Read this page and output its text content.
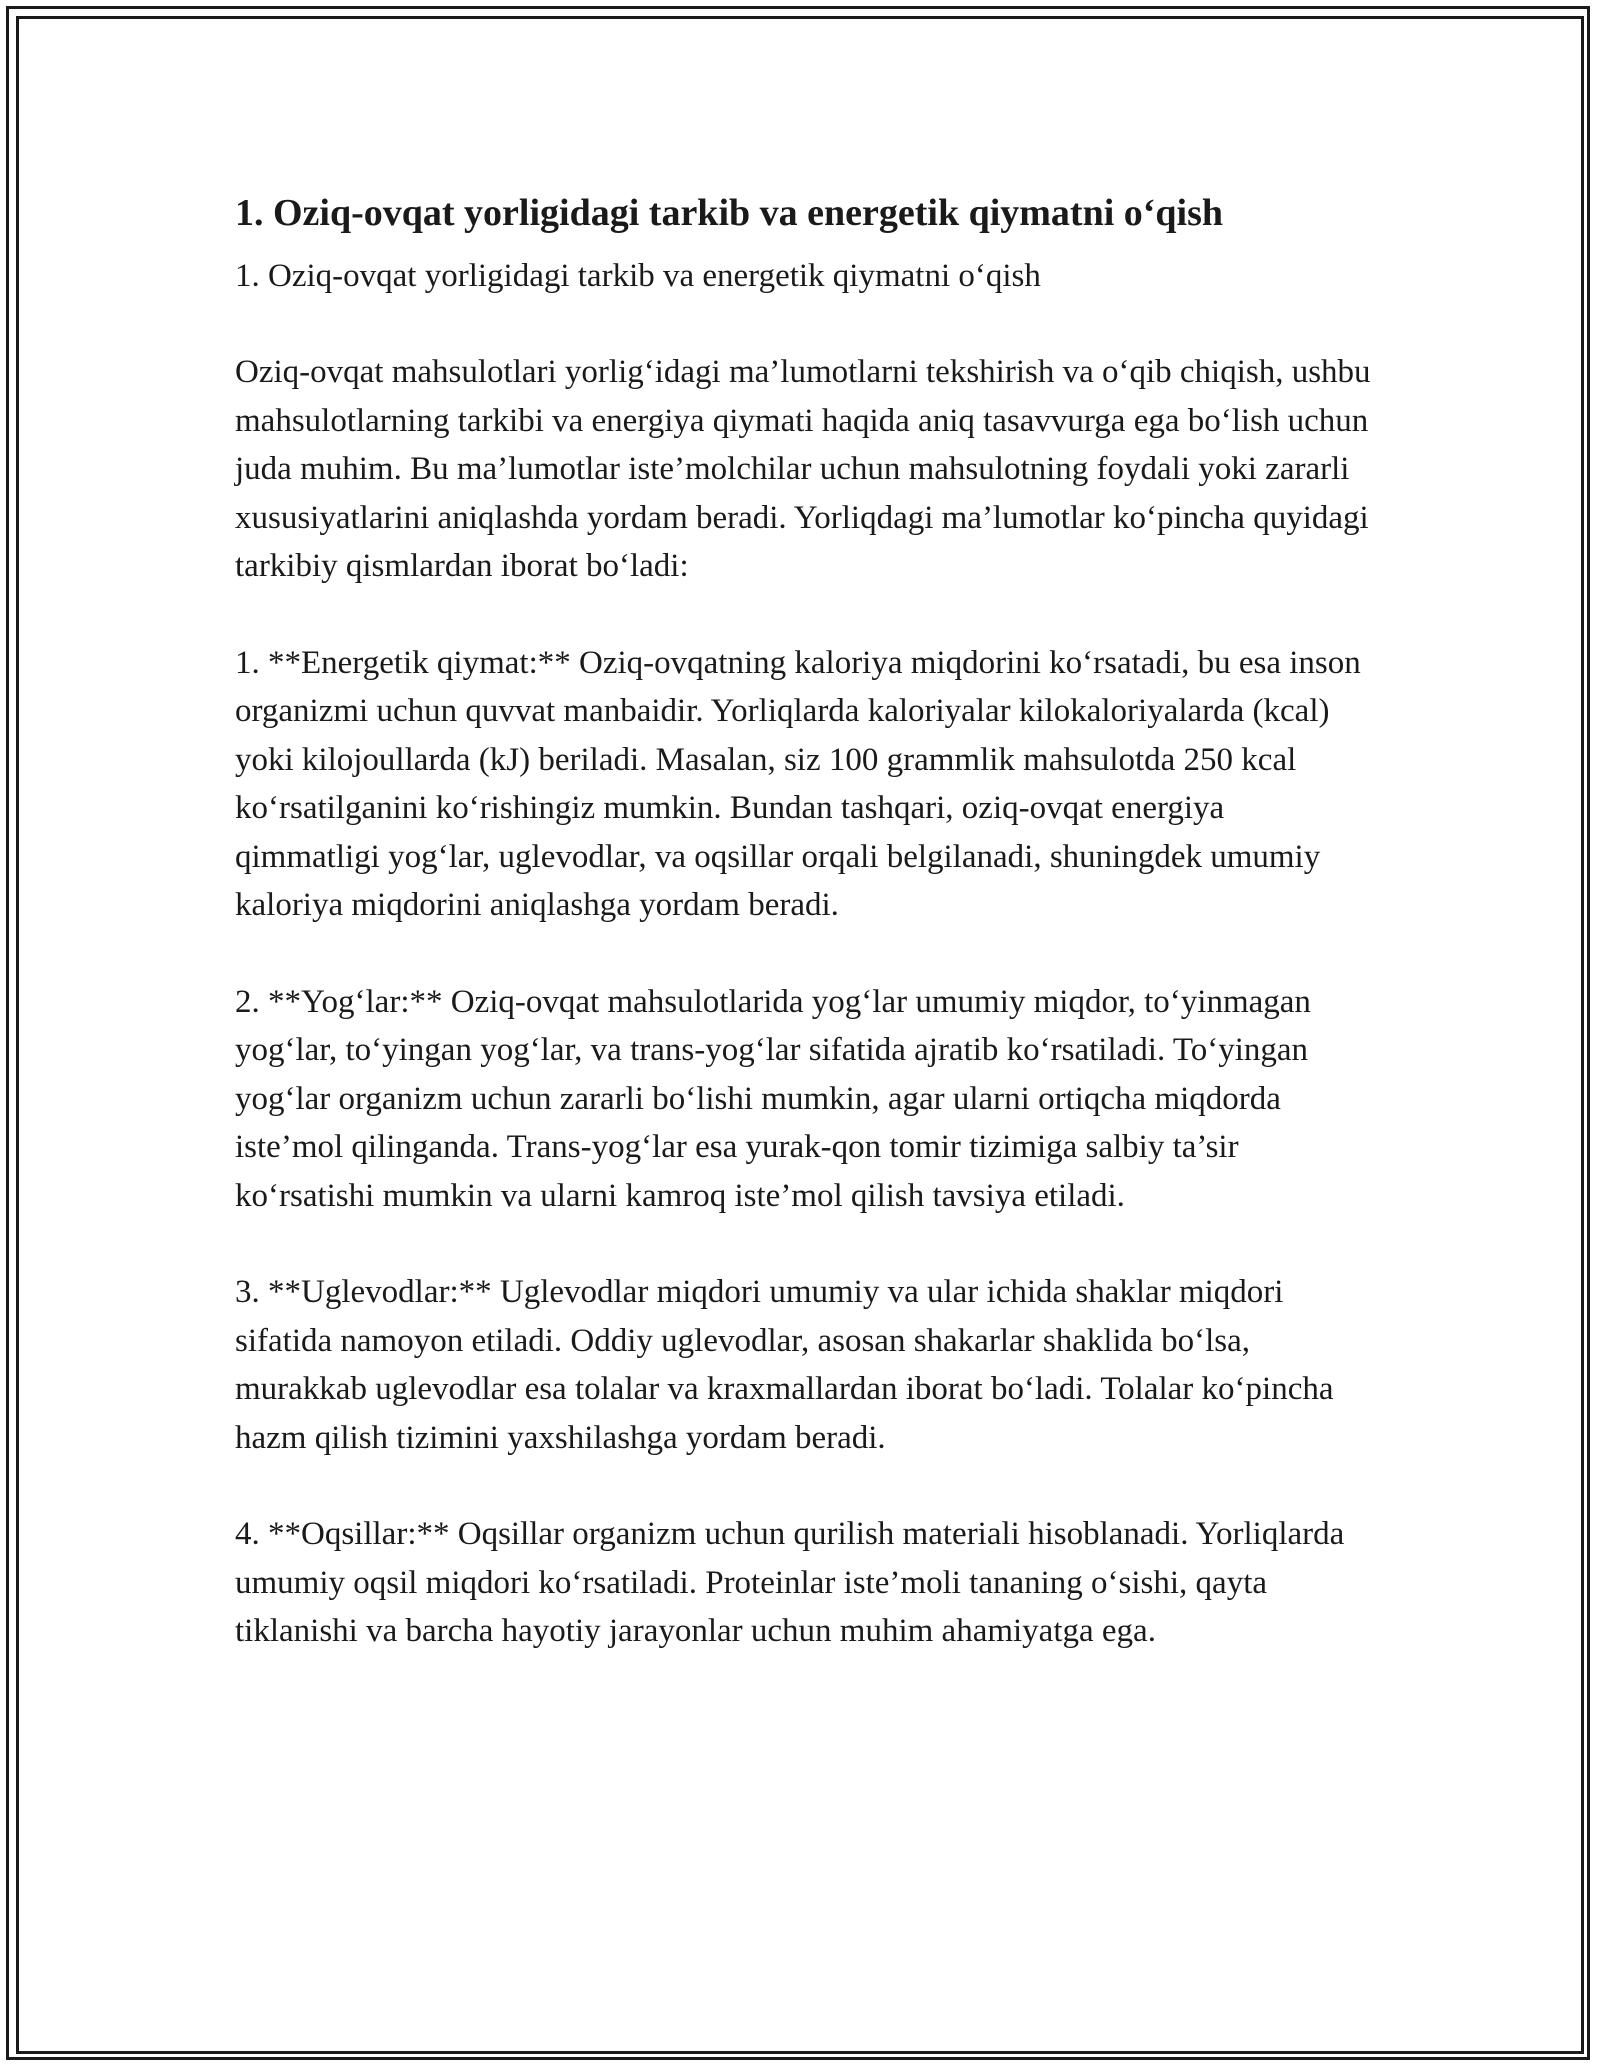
1. Oziq-ovqat yorligidagi tarkib va energetik qiymatni o‘qish

1. Oziq-ovqat yorligidagi tarkib va energetik qiymatni o‘qish

Oziq-ovqat mahsulotlari yorlig‘idagi ma’lumotlarni tekshirish va o‘qib chiqish, ushbu mahsulotlarning tarkibi va energiya qiymati haqida aniq tasavvurga ega bo‘lish uchun juda muhim. Bu ma’lumotlar iste’molchilar uchun mahsulotning foydali yoki zararli xususiyatlarini aniqlashda yordam beradi. Yorliqdagi ma’lumotlar ko‘pincha quyidagi tarkibiy qismlardan iborat bo‘ladi:

1. **Energetik qiymat:** Oziq-ovqatning kaloriya miqdorini ko‘rsatadi, bu esa inson organizmi uchun quvvat manbaidir. Yorliqlarda kaloriyalar kilokaloriyalarda (kcal) yoki kilojoullarda (kJ) beriladi. Masalan, siz 100 grammlik mahsulotda 250 kcal ko‘rsatilganini ko‘rishingiz mumkin. Bundan tashqari, oziq-ovqat energiya qimmatligi yog‘lar, uglevodlar, va oqsillar orqali belgilanadi, shuningdek umumiy kaloriya miqdorini aniqlashga yordam beradi.

2. **Yog‘lar:** Oziq-ovqat mahsulotlarida yog‘lar umumiy miqdor, to‘yinmagan yog‘lar, to‘yingan yog‘lar, va trans-yog‘lar sifatida ajratib ko‘rsatiladi. To‘yingan yog‘lar organizm uchun zararli bo‘lishi mumkin, agar ularni ortiqcha miqdorda iste’mol qilinganda. Trans-yog‘lar esa yurak-qon tomir tizimiga salbiy ta’sir ko‘rsatishi mumkin va ularni kamroq iste’mol qilish tavsiya etiladi.

3. **Uglevodlar:** Uglevodlar miqdori umumiy va ular ichida shaklar miqdori sifatida namoyon etiladi. Oddiy uglevodlar, asosan shakarlar shaklida bo‘lsa, murakkab uglevodlar esa tolalar va kraxmallardan iborat bo‘ladi. Tolalar ko‘pincha hazm qilish tizimini yaxshilashga yordam beradi.

4. **Oqsillar:** Oqsillar organizm uchun qurilish materiali hisoblanadi. Yorliqlarda umumiy oqsil miqdori ko‘rsatiladi. Proteinlar iste’moli tananing o‘sishi, qayta tiklanishi va barcha hayotiy jarayonlar uchun muhim ahamiyatga ega.
